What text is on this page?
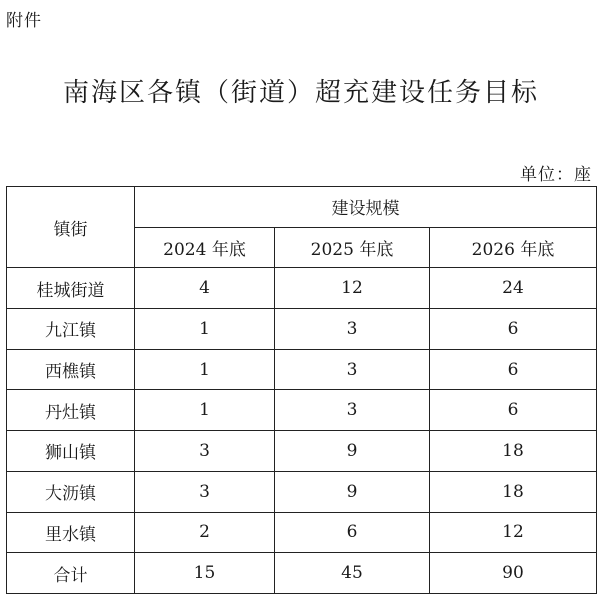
附件
南海区各镇（街道）超充建设任务目标
单位：座
镇街	建设规模		
	2024 年底	2025 年底	2026 年底
桂城街道	4	12	24
九江镇	1	3	6
西樵镇	1	3	6
丹灶镇	1	3	6
狮山镇	3	9	18
大沥镇	3	9	18
里水镇	2	6	12
合计	15	45	90
